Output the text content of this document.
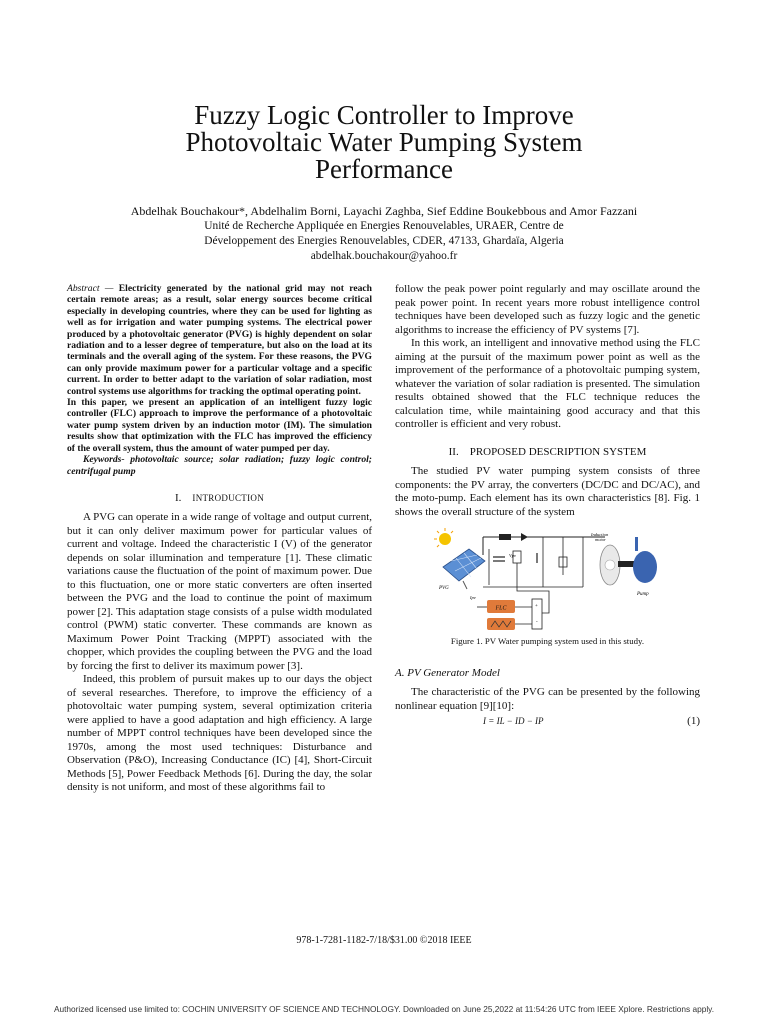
Fuzzy Logic Controller to Improve
Photovoltaic Water Pumping System
Performance
Abdelhak Bouchakour*, Abdelhalim Borni, Layachi Zaghba, Sief Eddine Boukebbous and Amor Fazzani
Unité de Recherche Appliquée en Energies Renouvelables, URAER, Centre de
Développement des Energies Renouvelables, CDER, 47133, Ghardaïa, Algeria
abdelhak.bouchakour@yahoo.fr

Abstract — Electricity generated by the national grid may not reach certain remote areas; as a result, solar energy sources become critical especially in developing countries, where they can be used for lighting as well as for irrigation and water pumping systems. The electrical power produced by a photovoltaic generator (PVG) is highly dependent on solar radiation and to a lesser degree of temperature, but also on the load at its terminals and the overall aging of the system. For these reasons, the PVG can only provide maximum power for a particular voltage and a specific current. In order to better adapt to the variation of solar radiation, most control systems use algorithms for tracking the optimal operating point.

In this paper, we present an application of an intelligent fuzzy logic controller (FLC) approach to improve the performance of a photovoltaic water pump system driven by an induction motor (IM). The simulation results show that optimization with the FLC has improved the efficiency of the overall system, thus the amount of water pumped per day.

Keywords- photovoltaic source; solar radiation; fuzzy logic control; centrifugal pump

I. INTRODUCTION

A PVG can operate in a wide range of voltage and output current, but it can only deliver maximum power for particular values of current and voltage. Indeed the characteristic I (V) of the generator depends on solar illumination and temperature [1]. These climatic variations cause the fluctuation of the point of maximum power. Due to this fluctuation, one or more static converters are often inserted between the PVG and the load to continue the point of maximum power [2]. This adaptation stage consists of a pulse width modulated control (PWM) static converter. These commands are known as Maximum Power Point Tracking (MPPT) associated with the chopper, which provides the coupling between the PVG and the load by forcing the first to deliver its maximum power [3].

Indeed, this problem of pursuit makes up to our days the object of several researches. Therefore, to improve the efficiency of a photovoltaic water pumping system, several optimization criteria were applied to have a good adaptation and high efficiency. A large number of MPPT control techniques have been developed since the 1970s, among the most used techniques: Disturbance and Observation (P&O), Increasing Conductance (IC) [4], Short-Circuit Methods [5], Power Feedback Methods [6]. During the day, the solar density is not uniform, and most of these algorithms fail to

follow the peak power point regularly and may oscillate around the peak power point. In recent years more robust intelligence control techniques have been developed such as fuzzy logic and the genetic algorithms to increase the efficiency of PV systems [7].

In this work, an intelligent and innovative method using the FLC aiming at the pursuit of the maximum power point as well as the improvement of the performance of a photovoltaic pumping system, whatever the variation of solar radiation is presented. The simulation results obtained showed that the FLC technique reduces the calculation time, while maintaining good accuracy and that this controller is efficient and very robust.

II. PROPOSED DESCRIPTION SYSTEM

The studied PV water pumping system consists of three components: the PV array, the converters (DC/DC and DC/AC), and the moto-pump. Each element has its own characteristics [8]. Fig. 1 shows the overall structure of the system

PVG
Vpv
Induction
motor
Pump
Ipv
FLC	+
-

Figure 1. PV Water pumping system used in this study.

A. PV Generator Model

The characteristic of the PVG can be presented by the following nonlinear equation [9][10]:

I = IL − ID − IP	(1)
978-1-7281-1182-7/18/$31.00 ©2018 IEEE
Authorized licensed use limited to: COCHIN UNIVERSITY OF SCIENCE AND TECHNOLOGY. Downloaded on June 25,2022 at 11:54:26 UTC from IEEE Xplore. Restrictions apply.
